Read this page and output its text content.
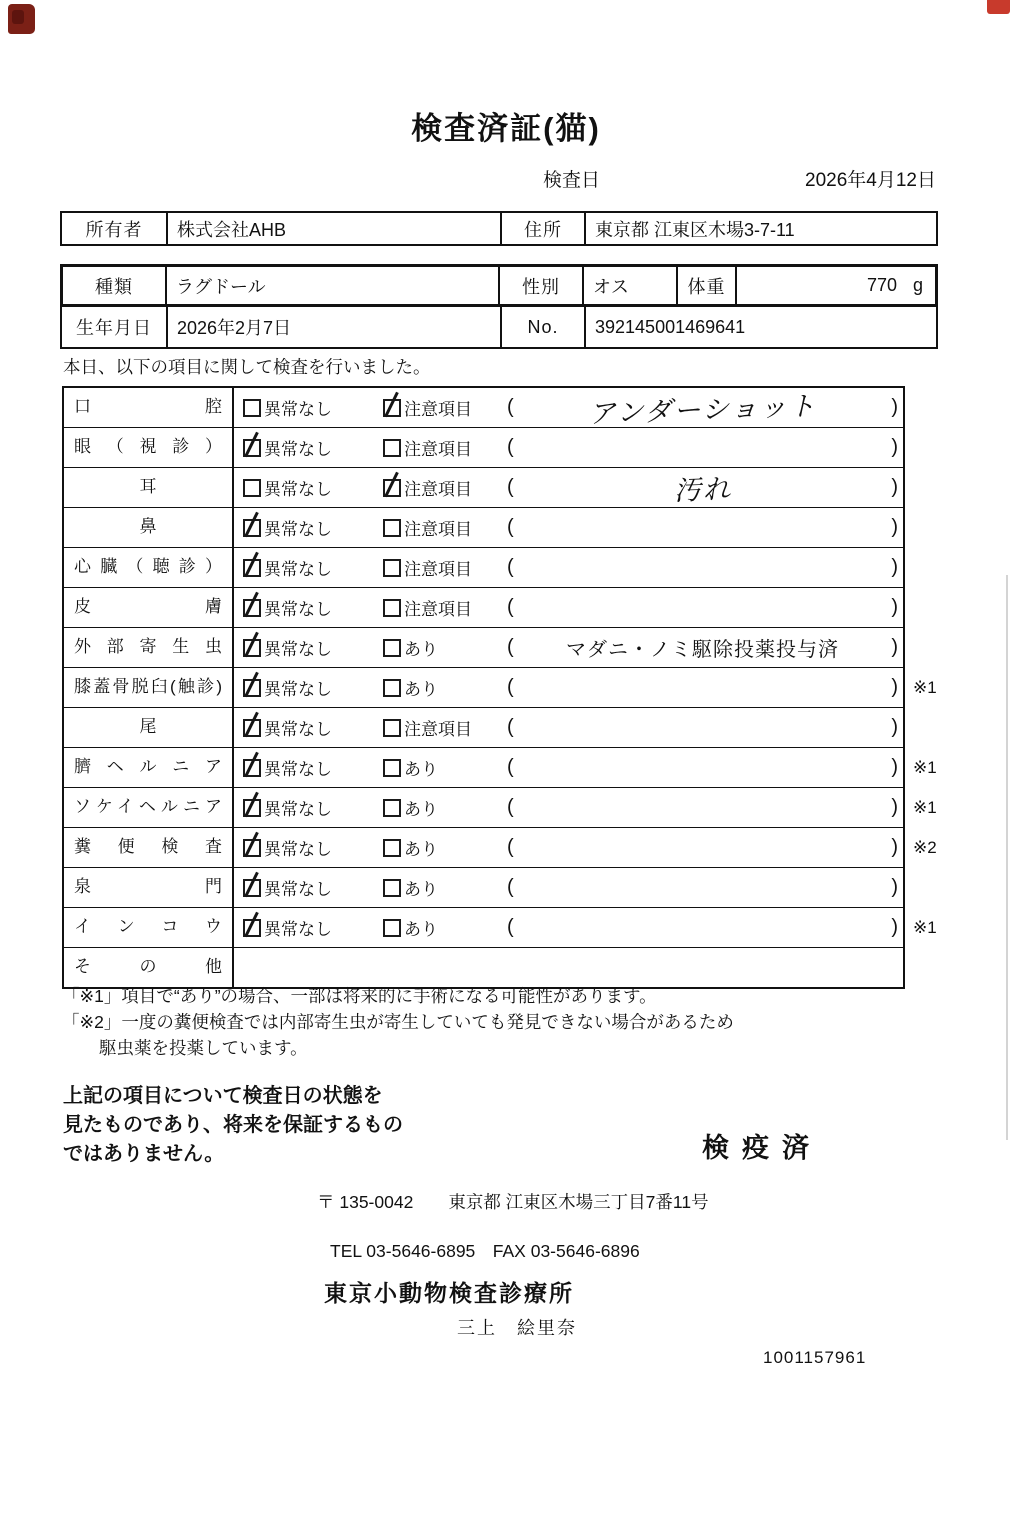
検査済証(猫)
検査日	2026年4月12日
所有者	株式会社AHB	住所	東京都 江東区木場3-7-11
種類	ラグドール	性別	オス	体重	770 g
生年月日	2026年2月7日	No.	392145001469641
本日、以下の項目に関して検査を行いました。
口腔	異常なし	注意項目 (	アンダーショット	)
眼（視診）	異常なし	注意項目 (	)
耳	異常なし	注意項目 (	汚れ	)
鼻	異常なし	注意項目 (	)
心臓（聴診）	異常なし	注意項目 (	)
皮膚	異常なし	注意項目 (	)
外部寄生虫	異常なし	あり	(	マダニ・ノミ駆除投薬投与済	)
膝蓋骨脱臼(触診)	異常なし	あり	(	) ※1
尾	異常なし	注意項目 (	)
臍ヘルニア	異常なし	あり	(	) ※1
ソケイヘルニア	異常なし	あり	(	) ※1
糞便検査	異常なし	あり	(	) ※2
泉門	異常なし	あり	(	)
インコウ	異常なし	あり	(	) ※1
その他
「※1」項目で“あり”の場合、一部は将来的に手術になる可能性があります。
「※2」一度の糞便検査では内部寄生虫が寄生していても発見できない場合があるため
駆虫薬を投薬しています。
上記の項目について検査日の状態を
見たものであり、将来を保証するもの
ではありません。	検疫済
〒 135-0042　　東京都 江東区木場三丁目7番11号
TEL 03-5646-6895　FAX 03-5646-6896
東京小動物検査診療所
三上　絵里奈
1001157961
